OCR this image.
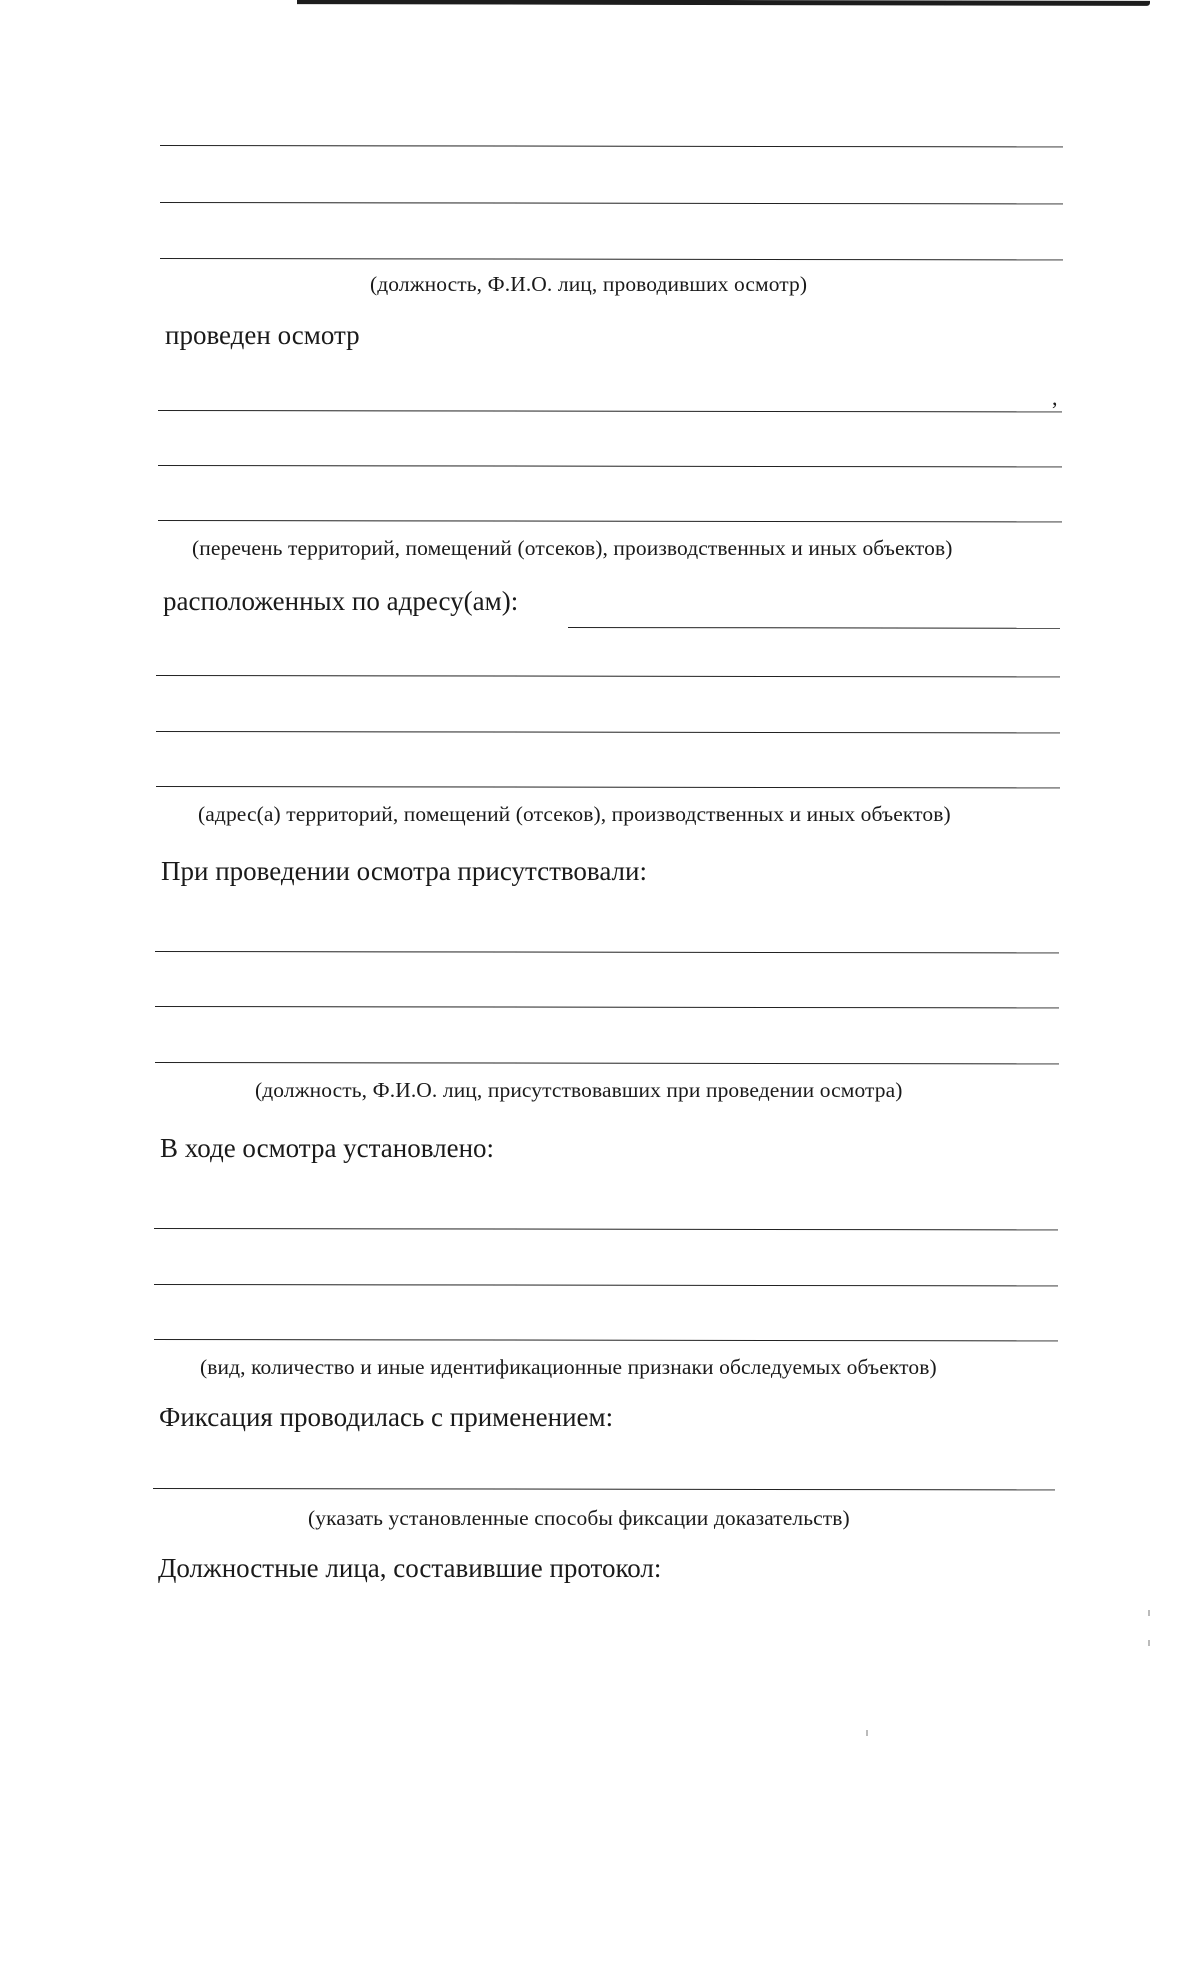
(должность, Ф.И.О. лиц, проводивших осмотр)
проведен осмотр
,
(перечень территорий, помещений (отсеков), производственных и иных объектов)
расположенных по адресу(ам):
(адрес(а) территорий, помещений (отсеков), производственных и иных объектов)
При проведении осмотра присутствовали:
(должность, Ф.И.О. лиц, присутствовавших при проведении осмотра)
В ходе осмотра установлено:
(вид, количество и иные идентификационные признаки обследуемых объектов)
Фиксация проводилась с применением:
(указать установленные способы фиксации доказательств)
Должностные лица, составившие протокол:
